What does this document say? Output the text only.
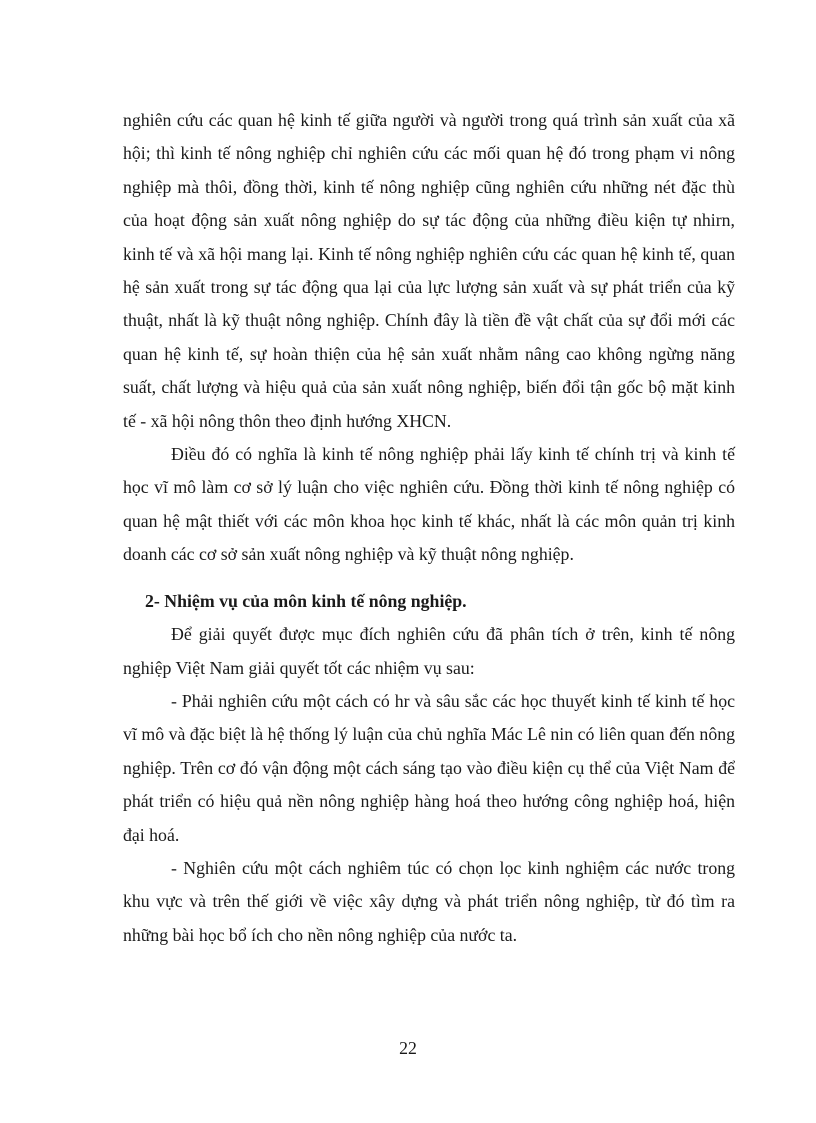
nghiên cứu các quan hệ kinh tế giữa người và người trong quá trình sản xuất của xã hội; thì kinh tế nông nghiệp chỉ nghiên cứu các mối quan hệ đó trong phạm vi nông nghiệp mà thôi, đồng thời, kinh tế nông nghiệp cũng nghiên cứu những nét đặc thù của hoạt động sản xuất nông nghiệp do sự tác động của những điều kiện tự nhirn, kinh tế và xã hội mang lại. Kinh tế nông nghiệp nghiên cứu các quan hệ kinh tế, quan hệ sản xuất trong sự tác động qua lại của lực lượng sản xuất và sự phát triển của kỹ thuật, nhất là kỹ thuật nông nghiệp. Chính đây là tiền đề vật chất của sự đổi mới các quan hệ kinh tế, sự hoàn thiện của hệ sản xuất nhằm nâng cao không ngừng năng suất, chất lượng và hiệu quả của sản xuất nông nghiệp, biến đổi tận gốc bộ mặt kinh tế - xã hội nông thôn theo định hướng XHCN.

Điều đó có nghĩa là kinh tế nông nghiệp phải lấy kinh tế chính trị và kinh tế học vĩ mô làm cơ sở lý luận cho việc nghiên cứu. Đồng thời kinh tế nông nghiệp có quan hệ mật thiết với các môn khoa học kinh tế khác, nhất là các môn quản trị kinh doanh các cơ sở sản xuất nông nghiệp và kỹ thuật nông nghiệp.

2- Nhiệm vụ của môn kinh tế nông nghiệp.

Để giải quyết được mục đích nghiên cứu đã phân tích ở trên, kinh tế nông nghiệp Việt Nam giải quyết tốt các nhiệm vụ sau:

- Phải nghiên cứu một cách có hr và sâu sắc các học thuyết kinh tế kinh tế học vĩ mô và đặc biệt là hệ thống lý luận của chủ nghĩa Mác Lê nin có liên quan đến nông nghiệp. Trên cơ đó vận động một cách sáng tạo vào điều kiện cụ thể của Việt Nam để phát triển có hiệu quả nền nông nghiệp hàng hoá theo hướng công nghiệp hoá, hiện đại hoá.

- Nghiên cứu một cách nghiêm túc có chọn lọc kinh nghiệm các nước trong khu vực và trên thế giới về việc xây dựng và phát triển nông nghiệp, từ đó tìm ra những bài học bổ ích cho nền nông nghiệp của nước ta.

22
